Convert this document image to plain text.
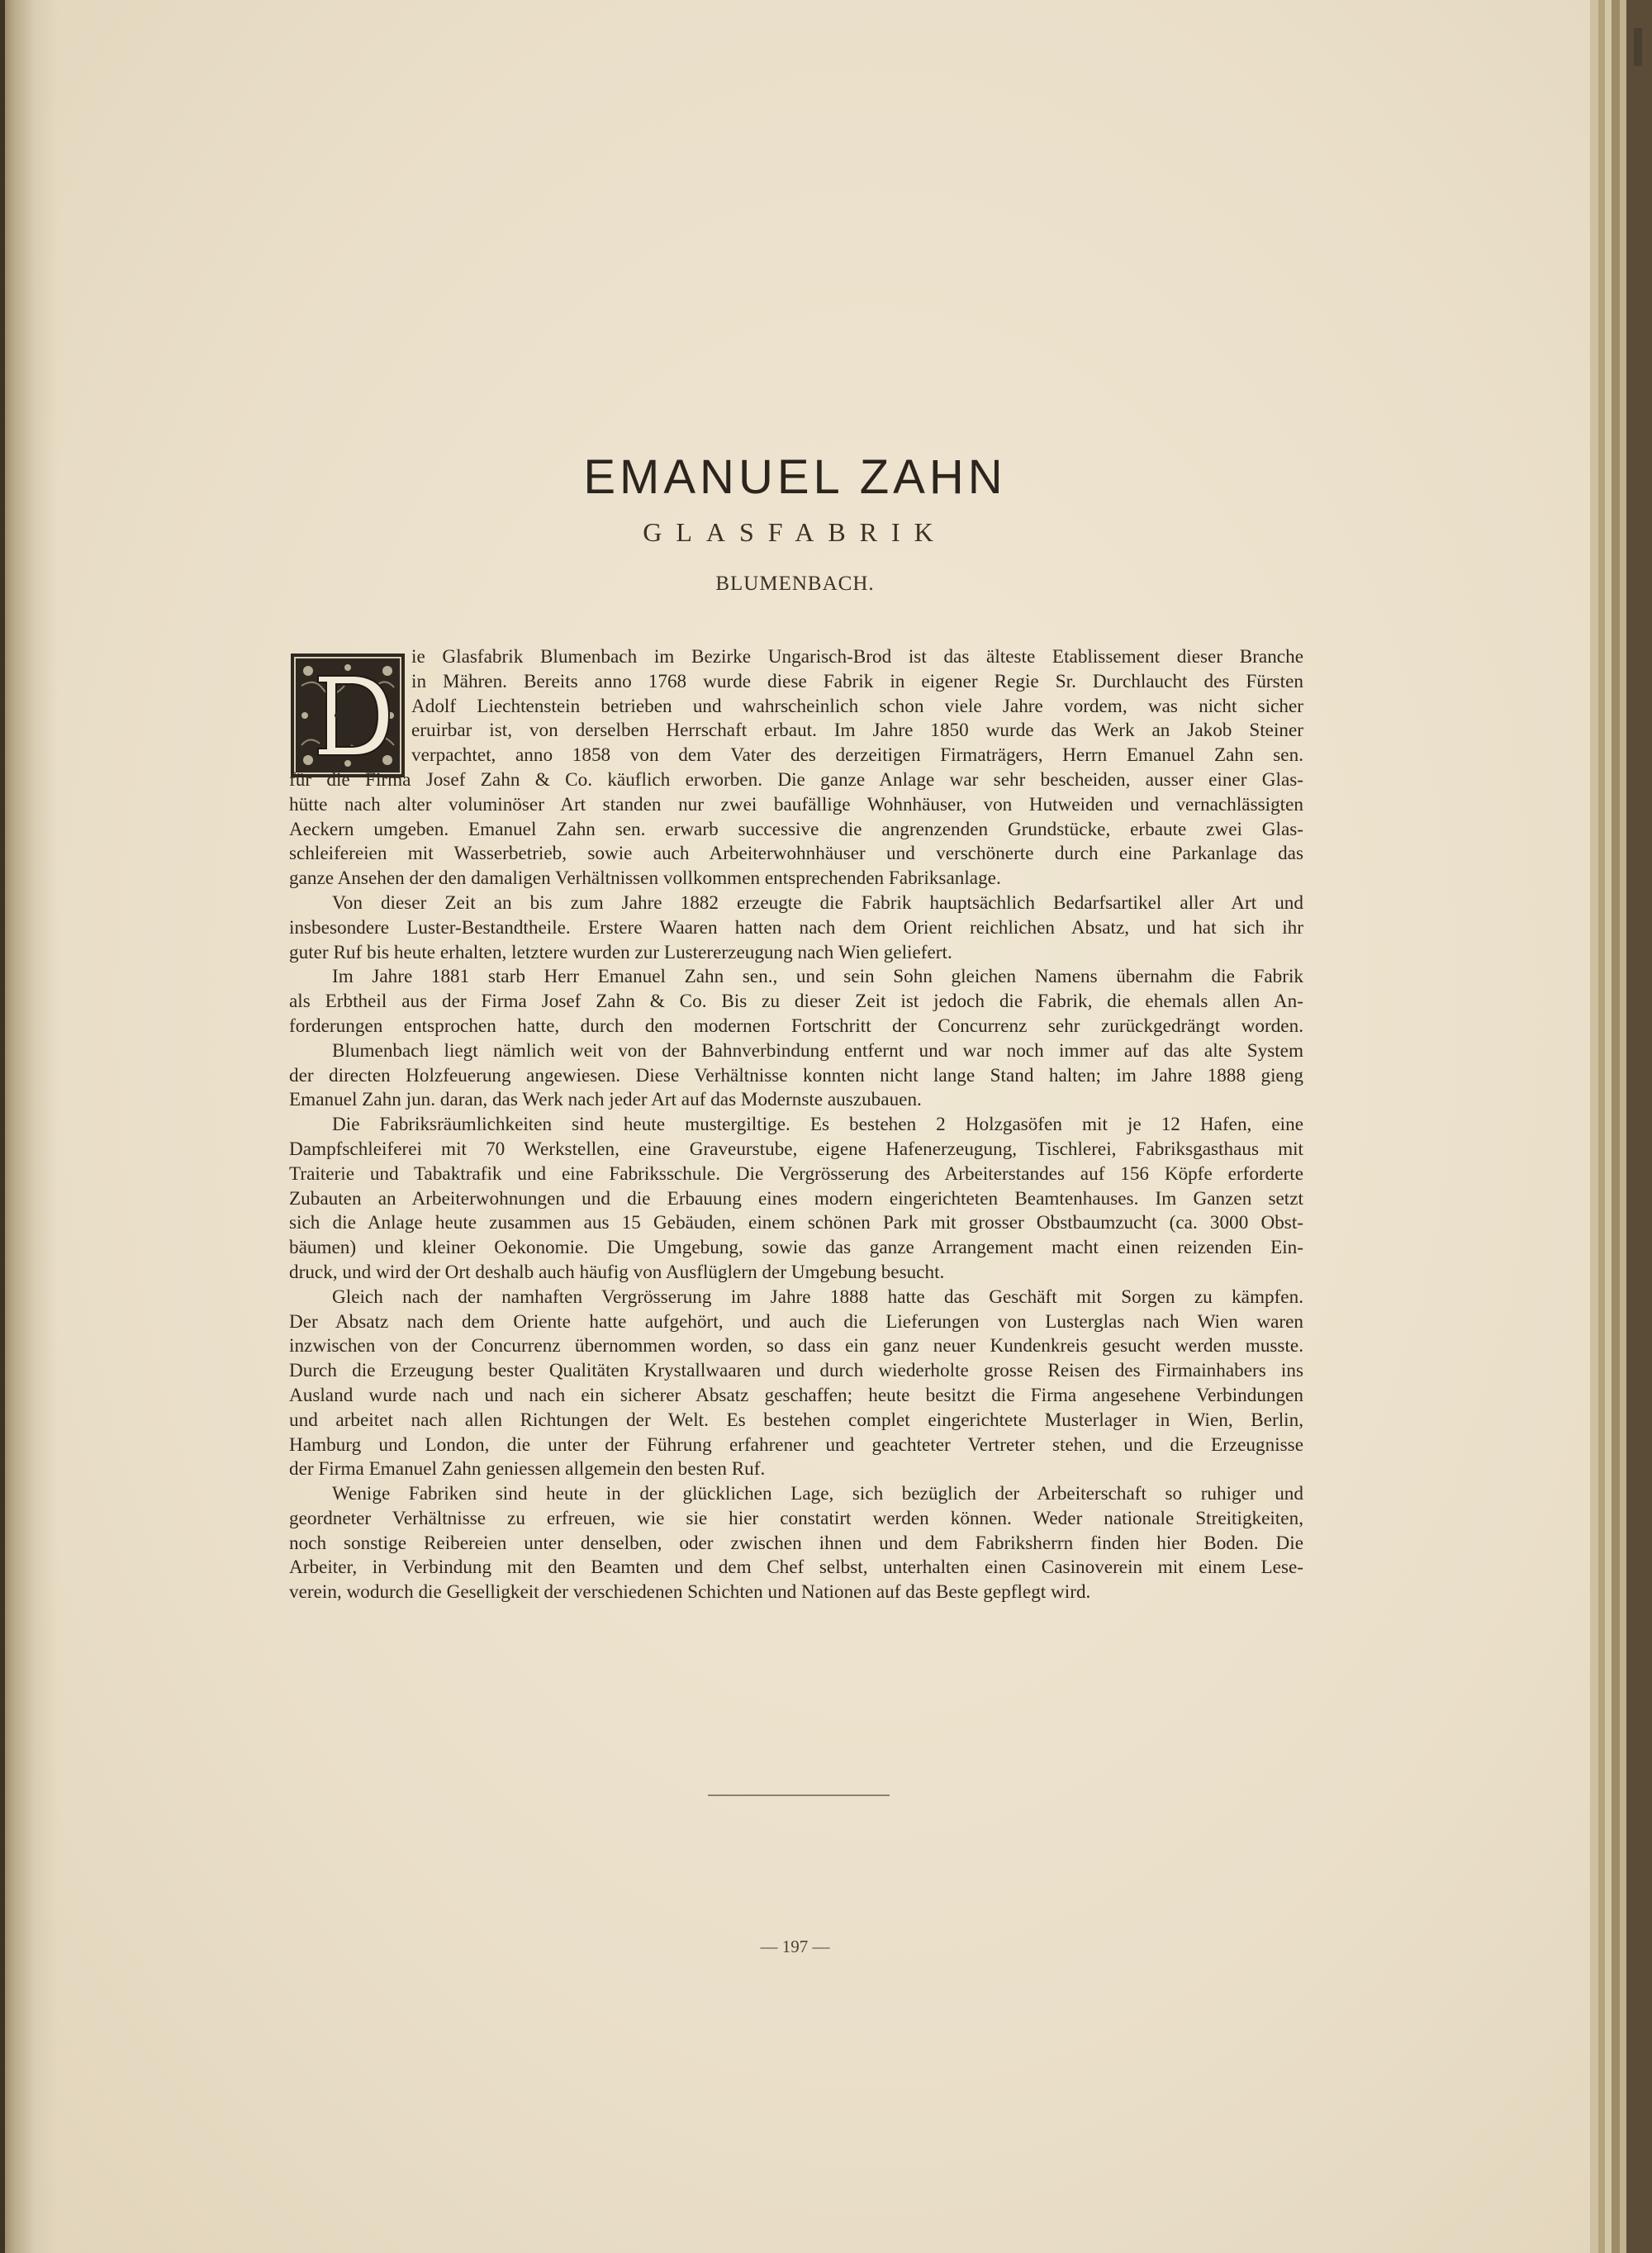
EMANUEL ZAHN
GLASFABRIK
BLUMENBACH.
ie Glasfabrik Blumenbach im Bezirke Ungarisch-Brod ist das älteste Etablissement dieser Branche
in Mähren. Bereits anno 1768 wurde diese Fabrik in eigener Regie Sr. Durchlaucht des Fürsten
Adolf Liechtenstein betrieben und wahrscheinlich schon viele Jahre vordem, was nicht sicher
eruirbar ist, von derselben Herrschaft erbaut. Im Jahre 1850 wurde das Werk an Jakob Steiner
verpachtet, anno 1858 von dem Vater des derzeitigen Firmaträgers, Herrn Emanuel Zahn sen.
für die Firma Josef Zahn & Co. käuflich erworben. Die ganze Anlage war sehr bescheiden, ausser einer Glas-
hütte nach alter voluminöser Art standen nur zwei baufällige Wohnhäuser, von Hutweiden und vernachlässigten
Aeckern umgeben. Emanuel Zahn sen. erwarb successive die angrenzenden Grundstücke, erbaute zwei Glas-
schleifereien mit Wasserbetrieb, sowie auch Arbeiterwohnhäuser und verschönerte durch eine Parkanlage das
ganze Ansehen der den damaligen Verhältnissen vollkommen entsprechenden Fabriksanlage.
Von dieser Zeit an bis zum Jahre 1882 erzeugte die Fabrik hauptsächlich Bedarfsartikel aller Art und
insbesondere Luster-Bestandtheile. Erstere Waaren hatten nach dem Orient reichlichen Absatz, und hat sich ihr
guter Ruf bis heute erhalten, letztere wurden zur Lustererzeugung nach Wien geliefert.
Im Jahre 1881 starb Herr Emanuel Zahn sen., und sein Sohn gleichen Namens übernahm die Fabrik
als Erbtheil aus der Firma Josef Zahn & Co. Bis zu dieser Zeit ist jedoch die Fabrik, die ehemals allen An-
forderungen entsprochen hatte, durch den modernen Fortschritt der Concurrenz sehr zurückgedrängt worden.
Blumenbach liegt nämlich weit von der Bahnverbindung entfernt und war noch immer auf das alte System
der directen Holzfeuerung angewiesen. Diese Verhältnisse konnten nicht lange Stand halten; im Jahre 1888 gieng
Emanuel Zahn jun. daran, das Werk nach jeder Art auf das Modernste auszubauen.
Die Fabriksräumlichkeiten sind heute mustergiltige. Es bestehen 2 Holzgasöfen mit je 12 Hafen, eine
Dampfschleiferei mit 70 Werkstellen, eine Graveurstube, eigene Hafenerzeugung, Tischlerei, Fabriksgasthaus mit
Traiterie und Tabaktrafik und eine Fabriksschule. Die Vergrösserung des Arbeiterstandes auf 156 Köpfe erforderte
Zubauten an Arbeiterwohnungen und die Erbauung eines modern eingerichteten Beamtenhauses. Im Ganzen setzt
sich die Anlage heute zusammen aus 15 Gebäuden, einem schönen Park mit grosser Obstbaumzucht (ca. 3000 Obst-
bäumen) und kleiner Oekonomie. Die Umgebung, sowie das ganze Arrangement macht einen reizenden Ein-
druck, und wird der Ort deshalb auch häufig von Ausflüglern der Umgebung besucht.
Gleich nach der namhaften Vergrösserung im Jahre 1888 hatte das Geschäft mit Sorgen zu kämpfen.
Der Absatz nach dem Oriente hatte aufgehört, und auch die Lieferungen von Lusterglas nach Wien waren
inzwischen von der Concurrenz übernommen worden, so dass ein ganz neuer Kundenkreis gesucht werden musste.
Durch die Erzeugung bester Qualitäten Krystallwaaren und durch wiederholte grosse Reisen des Firmainhabers ins
Ausland wurde nach und nach ein sicherer Absatz geschaffen; heute besitzt die Firma angesehene Verbindungen
und arbeitet nach allen Richtungen der Welt. Es bestehen complet eingerichtete Musterlager in Wien, Berlin,
Hamburg und London, die unter der Führung erfahrener und geachteter Vertreter stehen, und die Erzeugnisse
der Firma Emanuel Zahn geniessen allgemein den besten Ruf.
Wenige Fabriken sind heute in der glücklichen Lage, sich bezüglich der Arbeiterschaft so ruhiger und
geordneter Verhältnisse zu erfreuen, wie sie hier constatirt werden können. Weder nationale Streitigkeiten,
noch sonstige Reibereien unter denselben, oder zwischen ihnen und dem Fabriksherrn finden hier Boden. Die
Arbeiter, in Verbindung mit den Beamten und dem Chef selbst, unterhalten einen Casinoverein mit einem Lese-
verein, wodurch die Geselligkeit der verschiedenen Schichten und Nationen auf das Beste gepflegt wird.
— 197 —
